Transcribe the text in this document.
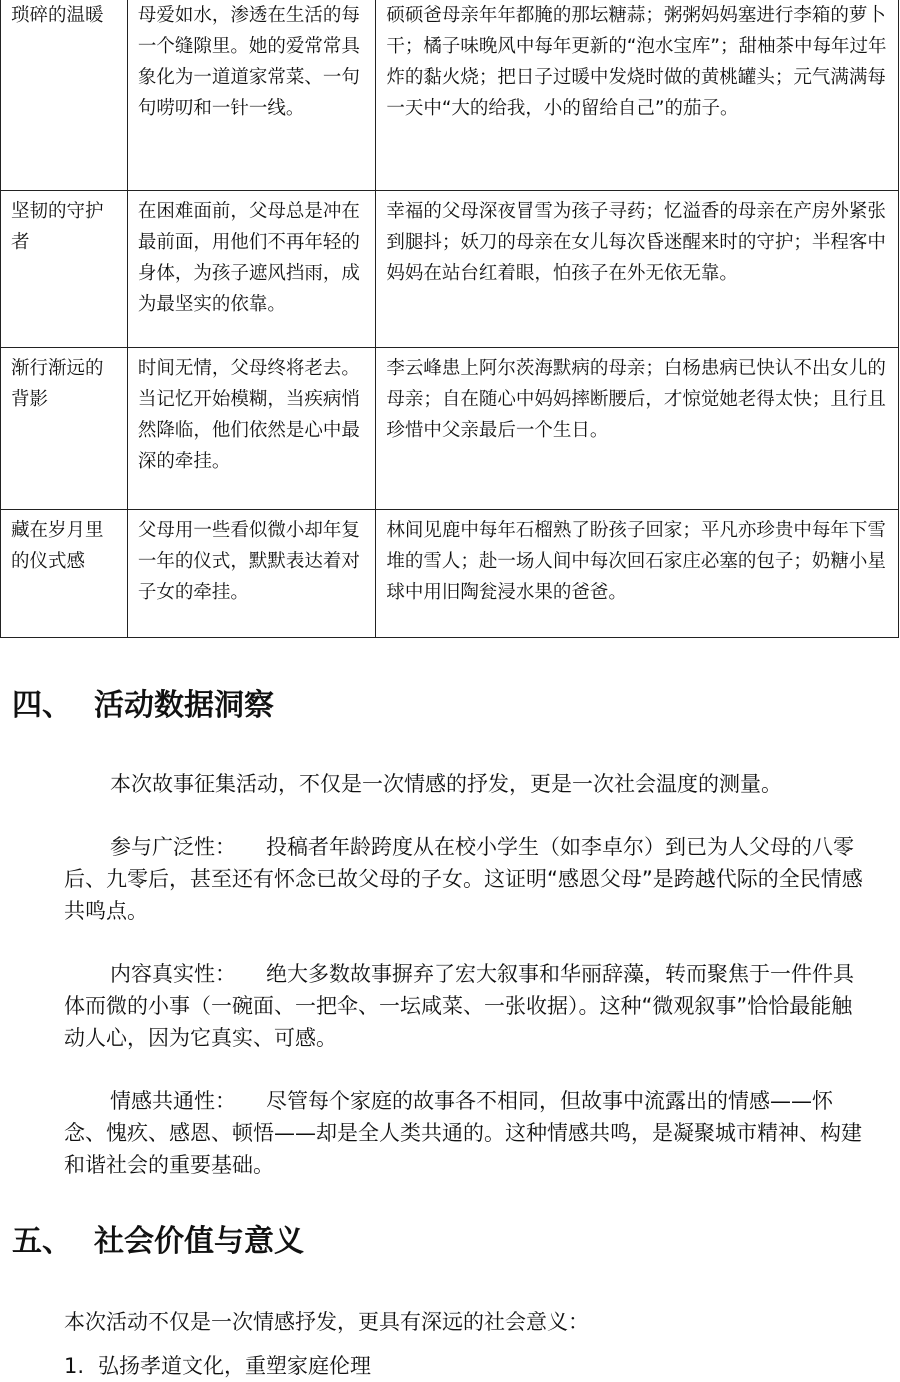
琐碎的温暖	母爱如水，渗透在生活的每一个缝隙里。她的爱常常具象化为一道道家常菜、一句句唠叨和一针一线。	硕硕爸母亲年年都腌的那坛糖蒜；粥粥妈妈塞进行李箱的萝卜干；橘子味晚风中每年更新的“泡水宝库”；甜柚茶中每年过年炸的黏火烧；把日子过暖中发烧时做的黄桃罐头；元气满满每一天中“大的给我，小的留给自己”的茄子。
坚韧的守护者	在困难面前，父母总是冲在最前面，用他们不再年轻的身体，为孩子遮风挡雨，成为最坚实的依靠。	幸福的父母深夜冒雪为孩子寻药；忆溢香的母亲在产房外紧张到腿抖；妖刀的母亲在女儿每次昏迷醒来时的守护；半程客中妈妈在站台红着眼，怕孩子在外无依无靠。
渐行渐远的背影	时间无情，父母终将老去。当记忆开始模糊，当疾病悄然降临，他们依然是心中最深的牵挂。	李云峰患上阿尔茨海默病的母亲；白杨患病已快认不出女儿的母亲；自在随心中妈妈摔断腰后，才惊觉她老得太快；且行且珍惜中父亲最后一个生日。
藏在岁月里的仪式感	父母用一些看似微小却年复一年的仪式，默默表达着对子女的牵挂。	林间见鹿中每年石榴熟了盼孩子回家；平凡亦珍贵中每年下雪堆的雪人；赴一场人间中每次回石家庄必塞的包子；奶糖小星球中用旧陶瓮浸水果的爸爸。
四、 活动数据洞察

本次故事征集活动，不仅是一次情感的抒发，更是一次社会温度的测量。

参与广泛性： 投稿者年龄跨度从在校小学生（如李卓尔）到已为人父母的八零后、九零后，甚至还有怀念已故父母的子女。这证明“感恩父母”是跨越代际的全民情感共鸣点。

内容真实性： 绝大多数故事摒弃了宏大叙事和华丽辞藻，转而聚焦于一件件具体而微的小事（一碗面、一把伞、一坛咸菜、一张收据）。这种“微观叙事”恰恰最能触动人心，因为它真实、可感。

情感共通性： 尽管每个家庭的故事各不相同，但故事中流露出的情感——怀念、愧疚、感恩、顿悟——却是全人类共通的。这种情感共鸣，是凝聚城市精神、构建和谐社会的重要基础。

五、 社会价值与意义

本次活动不仅是一次情感抒发，更具有深远的社会意义：

1. 弘扬孝道文化，重塑家庭伦理
